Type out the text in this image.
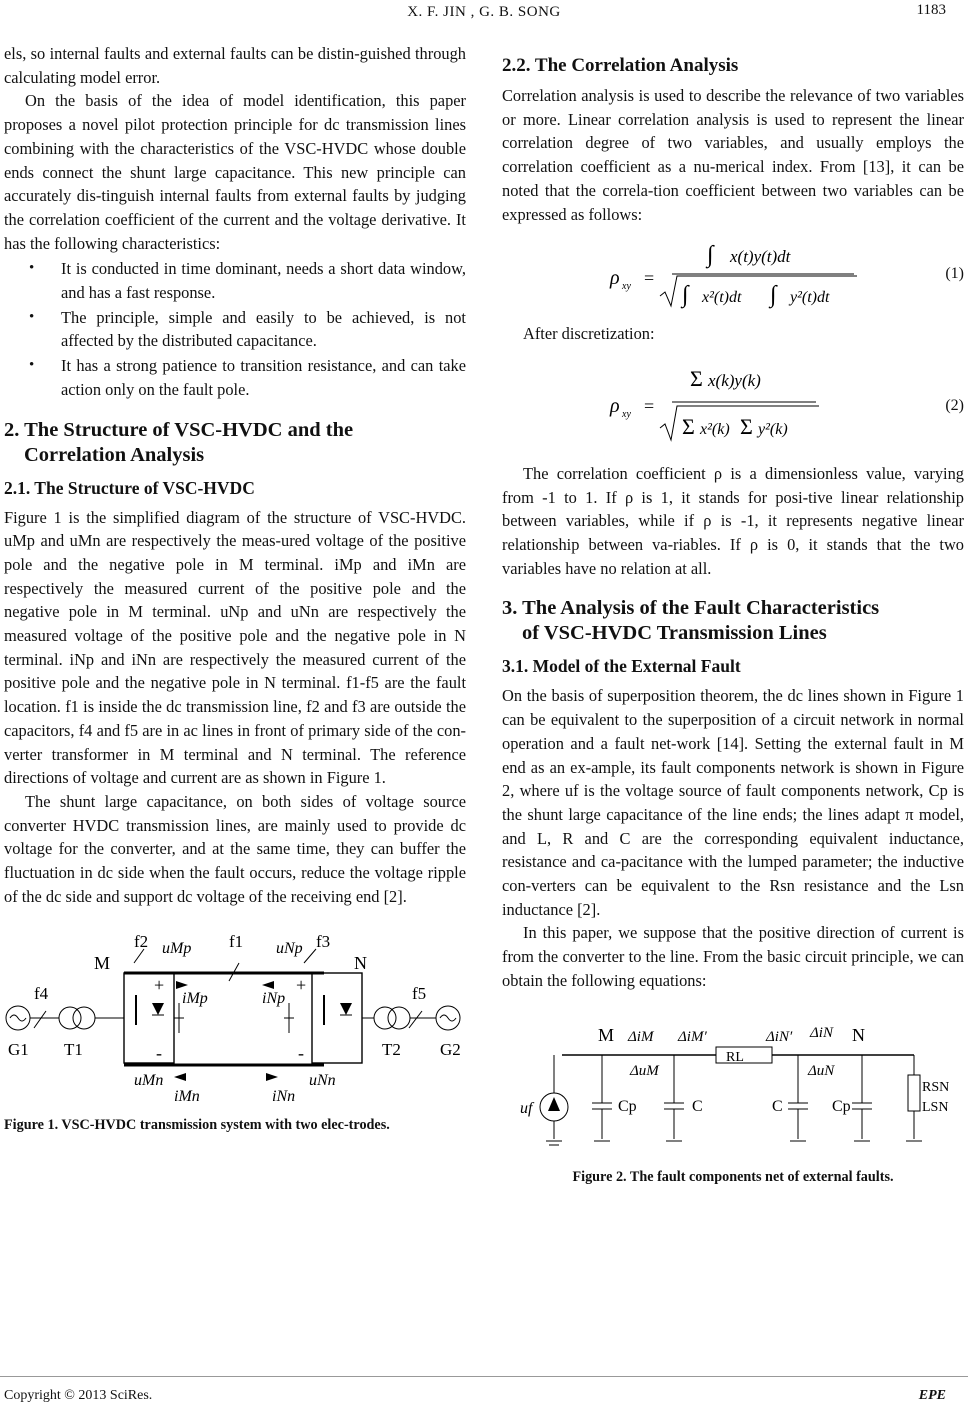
X. F. JIN , G. B. SONG	1183

els, so internal faults and external faults can be distin-guished through calculating model error.

On the basis of the idea of model identification, this paper proposes a novel pilot protection principle for dc transmission lines combining with the characteristics of the VSC-HVDC whose double ends connect the shunt large capacitance. This new principle can accurately dis-tinguish internal faults from external faults by judging the correlation coefficient of the current and the voltage derivative. It has the following characteristics:

• It is conducted in time dominant, needs a short data window, and has a fast response.
• The principle, simple and easily to be achieved, is not affected by the distributed capacitance.
• It has a strong patience to transition resistance, and can take action only on the fault pole.
2. The Structure of VSC-HVDC and the
Correlation Analysis
2.1. The Structure of VSC-HVDC

Figure 1 is the simplified diagram of the structure of VSC-HVDC. uMp and uMn are respectively the meas-ured voltage of the positive pole and the negative pole in M terminal. iMp and iMn are respectively the measured current of the positive pole and the negative pole in M terminal. uNp and uNn are respectively the measured voltage of the positive pole and the negative pole in N terminal. iNp and iNn are respectively the measured current of the positive pole and the negative pole in N terminal. f1-f5 are the fault location. f1 is inside the dc transmission line, f2 and f3 are outside the capacitors, f4 and f5 are in ac lines in front of primary side of the con-verter transformer in M terminal and N terminal. The reference directions of voltage and current are as shown in Figure 1.

The shunt large capacitance, on both sides of voltage source converter HVDC transmission lines, are mainly used to provide dc voltage for the converter, and at the same time, they can buffer the fluctuation in dc side when the fault occurs, reduce the voltage ripple of the dc side and support dc voltage of the receiving end [2].

f2	f1	f3
f4	f5
M	N
G1 T1	T2 G2
uMp	uNp
iMp	iNp
uMn	uNn
iMn	iNn
+	+
-	-

Figure 1. VSC-HVDC transmission system with two elec-trodes.

2.2. The Correlation Analysis

Correlation analysis is used to describe the relevance of two variables or more. Linear correlation analysis is used to represent the linear correlation degree of two variables, and usually employs the correlation coefficient as a nu-merical index. From [13], it can be noted that the correla-tion coefficient between two variables can be expressed as follows:

ρ xy =
∫ x(t)y(t)dt
∫ x²(t)dt ∫ y²(t)dt
(1)

After discretization:

ρ xy =
Σ x(k)y(k)
Σ x²(k) Σ y²(k)
(2)

The correlation coefficient ρ is a dimensionless value, varying from -1 to 1. If ρ is 1, it stands for posi-tive linear relationship between variables, while if ρ is -1, it represents negative linear relationship between va-riables. If ρ is 0, it stands that the two variables have no relation at all.

3. The Analysis of the Fault Characteristics
of VSC-HVDC Transmission Lines
3.1. Model of the External Fault

On the basis of superposition theorem, the dc lines shown in Figure 1 can be equivalent to the superposition of a circuit network in normal operation and a fault net-work [14]. Setting the external fault in M end as an ex-ample, its fault components network is shown in Figure 2, where uf is the voltage source of fault components network, Cp is the shunt large capacitance of the line ends; the lines adapt π model, and L, R and C are the corresponding equivalent inductance, resistance and ca-pacitance with the lumped parameter; the inductive con-verters can be equivalent to the Rsn resistance and the Lsn inductance [2].

In this paper, we suppose that the positive direction of current is from the converter to the line. From the basic circuit principle, we can obtain the following equations:

M	N
ΔiM ΔiM′	ΔiN′ ΔiN
ΔuM	ΔuN
RL
Cp	C	C	Cp
uf
RSN
LSN

Figure 2. The fault components net of external faults.

Copyright © 2013 SciRes.	EPE
